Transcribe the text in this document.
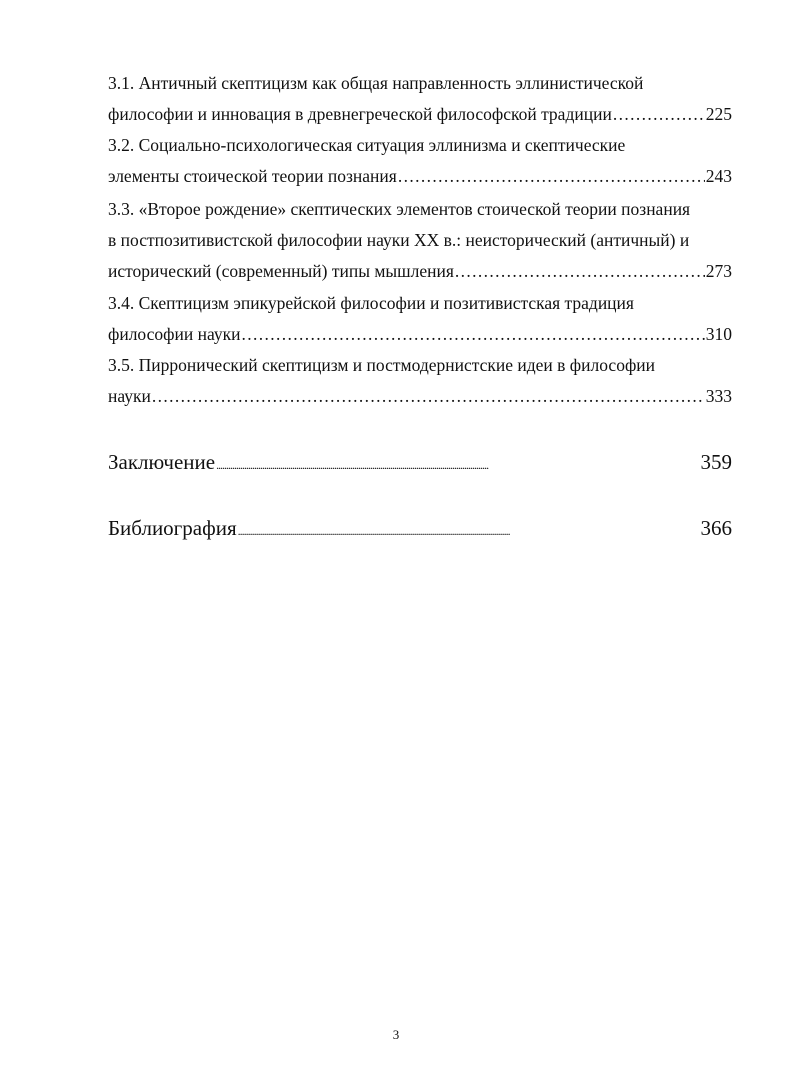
3.1. Античный скептицизм как общая направленность эллинистической
философии и инновация в древнегреческой философской традиции . . .	225
3.2. Социально-психологическая ситуация эллинизма и скептические
элементы стоической теории познания . . .	243
3.3. «Второе рождение» скептических элементов стоической теории познания
в постпозитивистской философии науки XX в.: неисторический (античный) и
исторический (современный) типы мышления . . .	273
3.4. Скептицизм эпикурейской философии и позитивистская традиция
философии науки . . .	310
3.5. Пирронический скептицизм и постмодернистские идеи в философии
науки . . .	333
Заключение . . .	359
Библиография . . .	366
3
